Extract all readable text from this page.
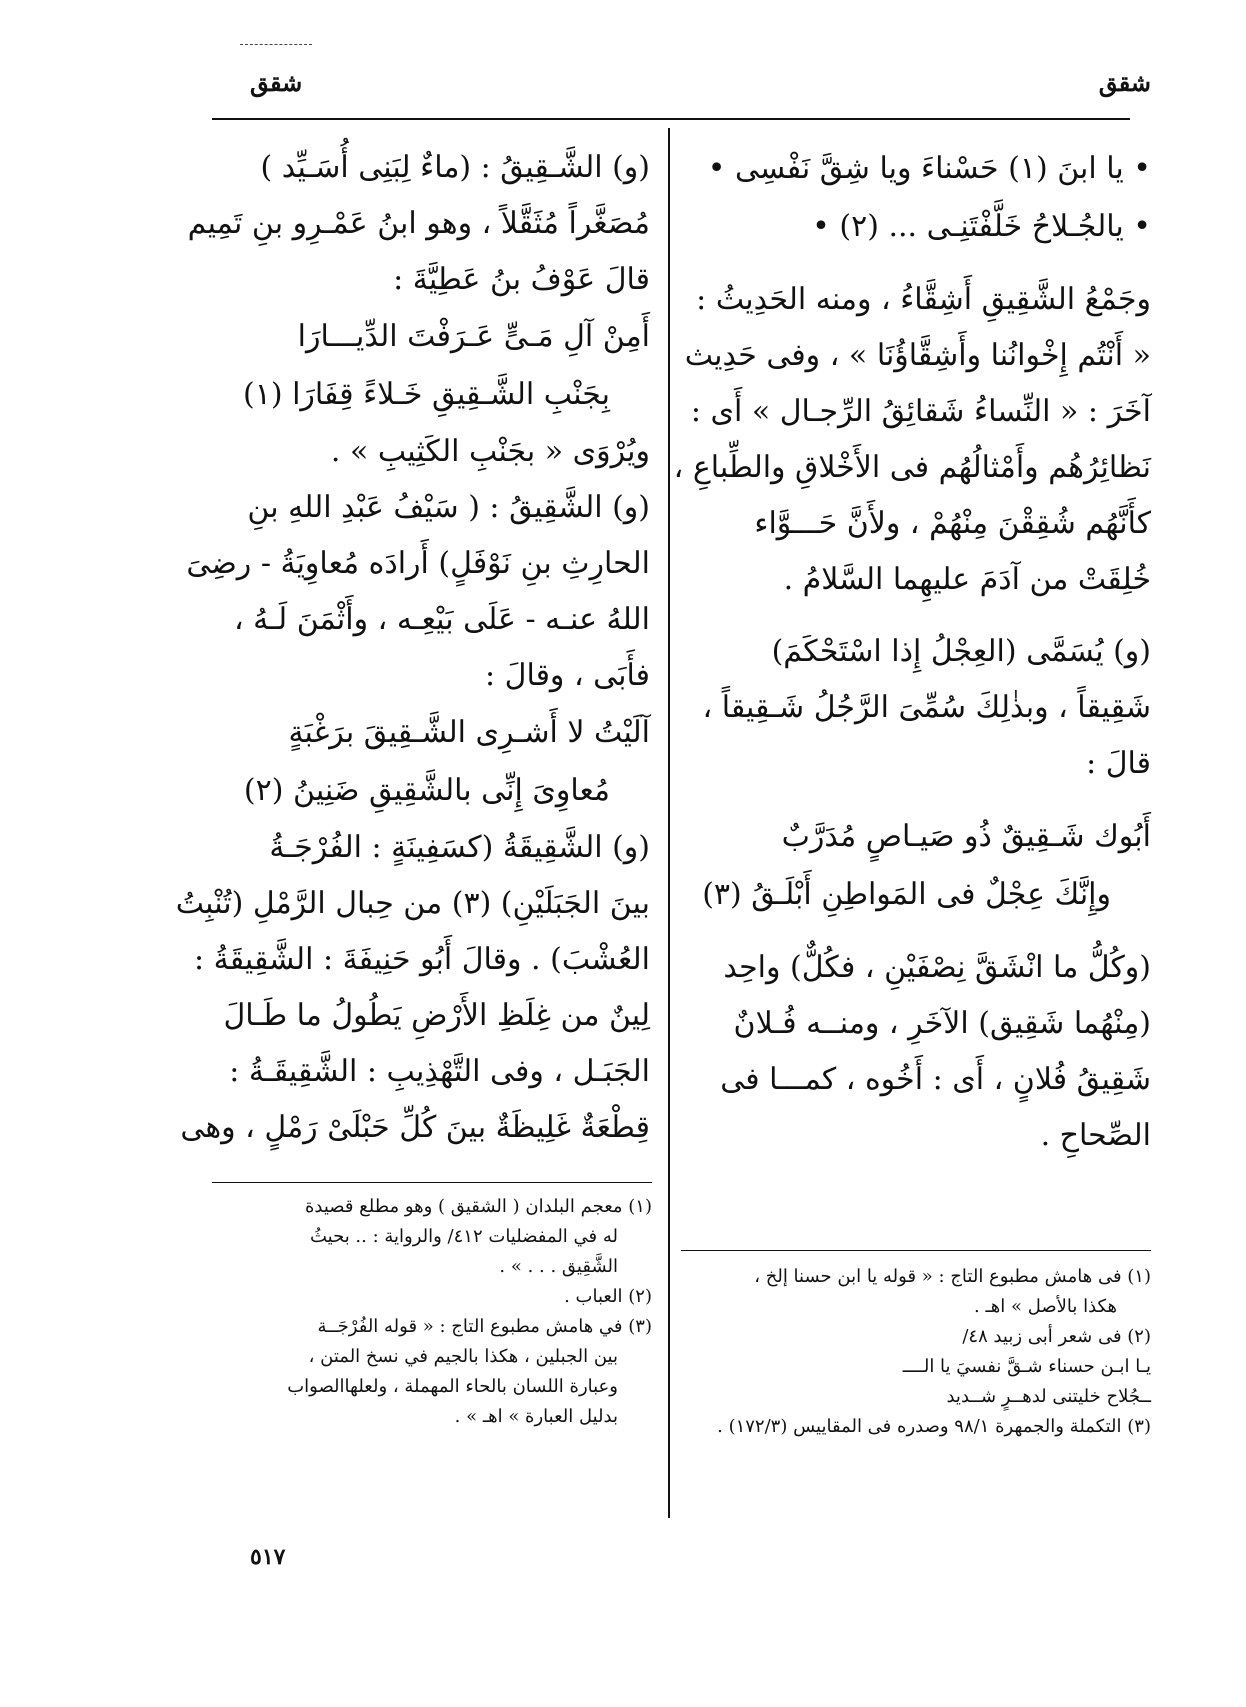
شقق
شقق
• يا ابنَ (١) حَسْناءَ ويا شِقَّ نَفْسِى •
• يالجُـلاحُ خَلَّفْتَنِـى ... (٢) •
وجَمْعُ الشَّقِيقِ أَشِقَّاءُ ، ومنه الحَدِيثُ :
« أَنْتُم إِخْوانُنا وأَشِقَّاؤُنَا » ، وفى حَدِيث
آخَرَ : « النِّساءُ شَقائِقُ الرِّجـال » أَى :
نَظائِرُهُم وأَمْثالُهُم فى الأَخْلاقِ والطِّباعِ ،
كأَنَّهُم شُقِقْنَ مِنْهُمْ ، ولأَنَّ حَـــوَّاء
خُلِقَتْ من آدَمَ عليهِما السَّلامُ .
(و) يُسَمَّى (العِجْلُ إِذا اسْتَحْكَمَ)
شَقِيقاً ، وبذٰلِكَ سُمِّىَ الرَّجُلُ شَـقِيقاً ،
قالَ :
أَبُوك شَـقِيقٌ ذُو صَيـاصٍ مُدَرَّبٌ
وإِنَّكَ عِجْلٌ فى المَواطِنِ أَبْلَـقُ (٣)
(وكُلُّ ما انْشَقَّ نِصْفَيْنِ ، فكُلٌّ) واحِد
(مِنْهُما شَقِيق) الآخَرِ ، ومنــه فُـلانٌ
شَقِيقُ فُلانٍ ، أَى : أَخُوه ، كمـــا فى
الصِّحاحِ .
(١) فى هامش مطبوع التاج : « قوله يا ابن حسنا إلخ ،
هكذا بالأصل » اهـ .
(٢) فى شعر أبى زبيد ٤٨/
يـا ابـن حسناء شـقَّ نفسيَ يا الــــ
ــجُلاح خليتنى لدهــرٍ شــديد
(٣) التكملة والجمهرة ٩٨/١ وصدره فى المقاييس (١٧٢/٣) .
(و) الشَّـقِيقُ : (ماءٌ لِبَنِى أُسَـيِّد )
مُصَغَّراً مُثَقَّلاً ، وهو ابنُ عَمْـرِو بنِ تَمِيم
قالَ عَوْفُ بنُ عَطِيَّةَ :
أَمِنْ آلِ مَـىٍّ عَـرَفْتَ الدِّيـــارَا
بِجَنْبِ الشَّـقِيقِ خَـلاءً قِفَارَا (١)
ويُرْوَى « بجَنْبِ الكَثِيبِ » .
(و) الشَّقِيقُ : ( سَيْفُ عَبْدِ اللهِ بنِ
الحارِثِ بنِ نَوْفَلٍ) أَرادَه مُعاوِيَةُ - رضِىَ
اللهُ عنـه - عَلَى بَيْعِـه ، وأَثْمَنَ لَـهُ ،
فأَبَى ، وقالَ :
آلَيْتُ لا أَشـرِى الشَّـقِيقَ برَغْبَةٍ
مُعاوِىَ إِنِّى بالشَّقِيقِ ضَنِينُ (٢)
(و) الشَّقِيقَةُ (كسَفِينَةٍ : الفُرْجَـةُ
بينَ الجَبَلَيْنِ) (٣) من حِبال الرَّمْلِ (تُنْبِتُ
العُشْبَ) . وقالَ أَبُو حَنِيفَةَ : الشَّقِيقَةُ :
لِينٌ من غِلَظِ الأَرْضِ يَطُولُ ما طَـالَ
الجَبَـل ، وفى التَّهْذِيبِ : الشَّقِيقَـةُ :
قِطْعَةٌ غَلِيظَةٌ بينَ كُلِّ حَبْلَىْ رَمْلٍ ، وهى
(١) معجم البلدان ( الشقيق ) وهو مطلع قصيدة
له في المفضليات ٤١٢/ والرواية : .. بحيثُ
الشَّقِيق . . . » .
(٢) العباب .
(٣) في هامش مطبوع التاج : « قوله الفُرْجَــة
بين الجبلين ، هكذا بالجيم في نسخ المتن ،
وعبارة اللسان بالحاء المهملة ، ولعلهاالصواب
بدليل العبارة » اهـ » .
٥١٧
